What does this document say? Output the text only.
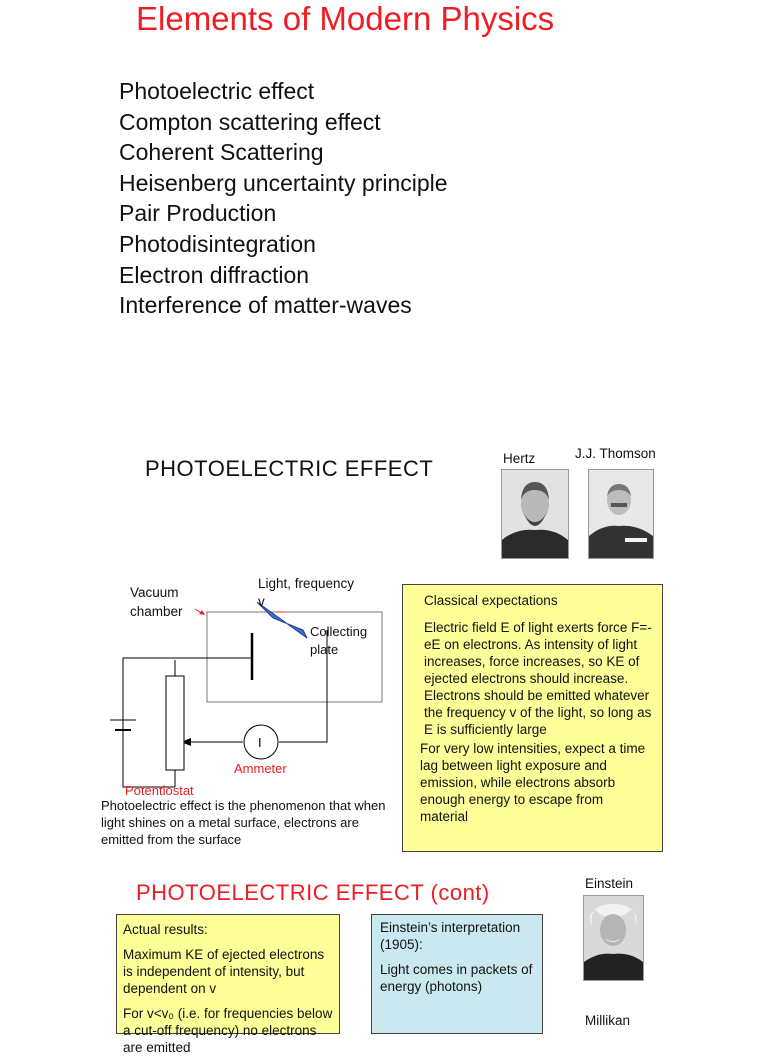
Elements of Modern Physics
Photoelectric effect
Compton scattering effect
Coherent Scattering
Heisenberg uncertainty principle
Pair Production
Photodisintegration
Electron diffraction
Interference of matter-waves
PHOTOELECTRIC EFFECT	Hertz	J.J. Thomson
I
Light, frequency
v
Vacuum
chamber
Collecting
plate
Ammeter
Potentiostat
Photoelectric effect is the phenomenon that when light shines on a metal surface, electrons are emitted from the surface

Classical expectations

Electric field E of light exerts force F=-eE on electrons. As intensity of light increases, force increases, so KE of ejected electrons should increase.

Electrons should be emitted whatever the frequency v of the light, so long as E is sufficiently large

For very low intensities, expect a time lag between light exposure and emission, while electrons absorb enough energy to escape from material

PHOTOELECTRIC EFFECT (cont)	Einstein
Millikan

Actual results:

Maximum KE of ejected electrons is independent of intensity, but dependent on v

For v<v₀ (i.e. for frequencies below a cut-off frequency) no electrons are emitted

Einstein’s interpretation (1905):

Light comes in packets of energy (photons)
